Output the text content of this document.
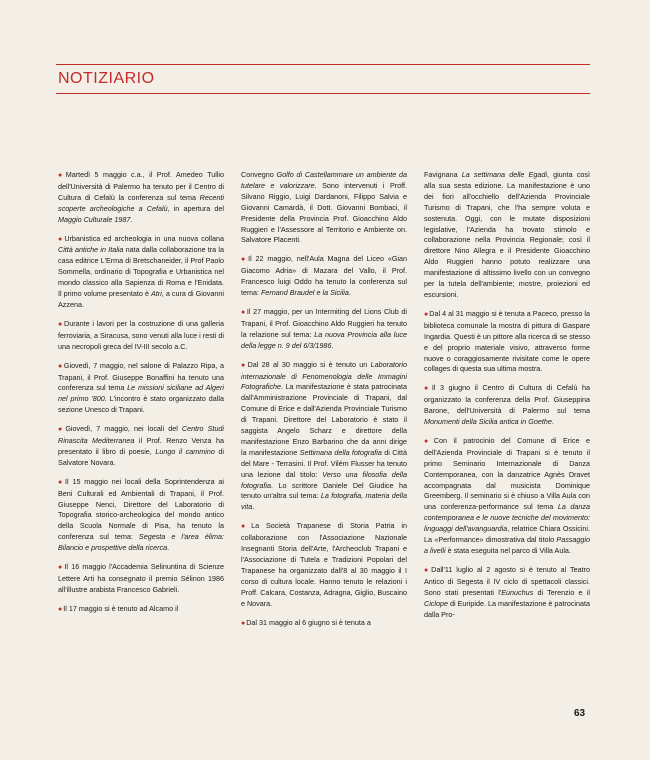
NOTIZIARIO

●Martedì 5 maggio c.a., il Prof. Amedeo Tullio dell'Università di Palermo ha tenuto per il Centro di Cultura di Cefalù la conferenza sul tema Recenti scoperte archeologiche a Cefalù, in apertura del Maggio Culturale 1987.

●Urbanistica ed archeologia in una nuova collana Città antiche in Italia nata dalla collaborazione tra la casa editrice L'Erma di Bretschaneider, il Prof Paolo Sommella, ordinario di Topografia e Urbanistica nel mondo classico alla Sapienza di Roma e l'Enidata. Il primo volume presentato è Atri, a cura di Giovanni Azzena.

●Durante i lavori per la costruzione di una galleria ferroviaria, a Siracusa, sono venuti alla luce i resti di una necropoli greca del IV-III secolo a.C.

●Giovedì, 7 maggio, nel salone di Palazzo Ripa, a Trapani, il Prof. Giuseppe Bonaffini ha tenuto una conferenza sul tema Le missioni siciliane ad Algeri nel primo '800. L'incontro è stato organizzato dalla sezione Unesco di Trapani.

●Giovedì, 7 maggio, nei locali del Centro Studi Rinascita Mediterranea il Prof. Renzo Venza ha presentato il libro di poesie, Lungo il cammino di Salvatore Novara.

●Il 15 maggio nei locali della Soprintendenza ai Beni Culturali ed Ambientali di Trapani, il Prof. Giuseppe Nenci, Direttore del Laboratorio di Topografia storico-archeologica del mondo antico della Scuola Normale di Pisa, ha tenuto la conferenza sul tema: Segesta e l'area élima: Bilancio e prospettive della ricerca.

●Il 16 maggio l'Accademia Selinuntina di Scienze Lettere Arti ha consegnato il premio Sélinon 1986 all'illustre arabista Francesco Gabrieli.

●Il 17 maggio si è tenuto ad Alcamo il

Convegno Golfo di Castellammare un ambiente da tutelare e valorizzare. Sono intervenuti i Proff. Silvano Riggio, Luigi Dardanoni, Filippo Salvia e Giovanni Camardà, il Dott. Giovanni Bombaci, il Presidente della Provincia Prof. Gioacchino Aldo Ruggieri e l'Assessore al Territorio e Ambiente on. Salvatore Placenti.

●Il 22 maggio, nell'Aula Magna del Liceo «Gian Giacomo Adria» di Mazara del Vallo, il Prof. Francesco luigi Oddo ha tenuto la conferenza sul tema: Fernand Braudel e la Sicilia.

●Il 27 maggio, per un Intermiting del Lions Club di Trapani, il Prof. Gioacchino Aldo Ruggieri ha tenuto la relazione sul tema: La nuova Provincia alla luce della legge n. 9 del 6/3/1986.

●Dal 28 al 30 maggio si è tenuto un Laboratorio internazionale di Fenomenologia delle Immagini Fotografiche. La manifestazione è stata patrocinata dall'Amministrazione Provinciale di Trapani, dal Comune di Erice e dall'Azienda Provinciale Turismo di Trapani. Direttore del Laboratorio è stato il saggista Angelo Scharz e direttore della manifestazione Enzo Barbarino che da anni dirige la manifestazione Settimana della fotografia di Città del Mare - Terrasini. Il Prof. Vilém Flusser ha tenuto una lezione dal titolo: Verso una filosofia della fotografia. Lo scrittore Daniele Del Giudice ha tenuto un'altra sul tema: La fotografia, materia della vita.

●La Società Trapanese di Storia Patria in collaborazione con l'Associazione Nazionale Insegnanti Storia dell'Arte, l'Archeoclub Trapani e l'Associazione di Tutela e Tradizioni Popolari del Trapanese ha organizzato dall'8 al 30 maggio il I corso di cultura locale. Hanno tenuto le relazioni i Proff. Calcara, Costanza, Adragna, Giglio, Buscaino e Novara.

●Dal 31 maggio al 6 giugno si è tenuta a

Favignana La settimana delle Egadi, giunta così alla sua sesta edizione. La manifestazione è uno dei fiori all'occhiello dell'Azienda Provinciale Turismo di Trapani, che l'ha sempre voluta e sostenuta. Oggi, con le mutate disposizioni legislative, l'Azienda ha trovato stimolo e collaborazione nella Provincia Regionale; così il direttore Nino Allegra e il Presidente Gioacchino Aldo Ruggieri hanno potuto realizzare una manifestazione di altissimo livello con un convegno per la tutela dell'ambiente; mostre, proiezioni ed escursioni.

●Dal 4 al 31 maggio si è tenuta a Paceco, presso la biblioteca comunale la mostra di pittura di Gaspare Ingardia. Questi è un pittore alla ricerca di se stesso e del proprio materiale visivo, attraverso forme nuove o coraggiosamente rivisitate come le opere collages di questa sua ultima mostra.

●Il 3 giugno il Centro di Cultura di Cefalù ha organizzato la conferenza della Prof. Giuseppina Barone, dell'Università di Palermo sul tema Monumenti della Sicilia antica in Goethe.

●Con il patrocinio del Comune di Erice e dell'Azienda Provinciale di Trapani si è tenuto il primo Seminario Internazionale di Danza Contemporanea, con la danzatrice Agnès Dravet accompagnata dal musicista Dominique Greemberg. Il seminario si è chiuso a Villa Aula con una conferenza-performance sul tema La danza contemporanea e le nuove tecniche del movimento: linguaggi dell'avanguardia, relatrice Chiara Ossicini. La «Performance» dimostrativa dal titolo Passaggio a livelli è stata eseguita nel parco di Villa Aula.

●Dall'11 luglio al 2 agosto si è tenuto al Teatro Antico di Segesta il IV ciclo di spettacoli classici. Sono stati presentati l'Eunuchus di Terenzio e il Ciclope di Euripide. La manifestazione è patrocinata dalla Pro-

63
